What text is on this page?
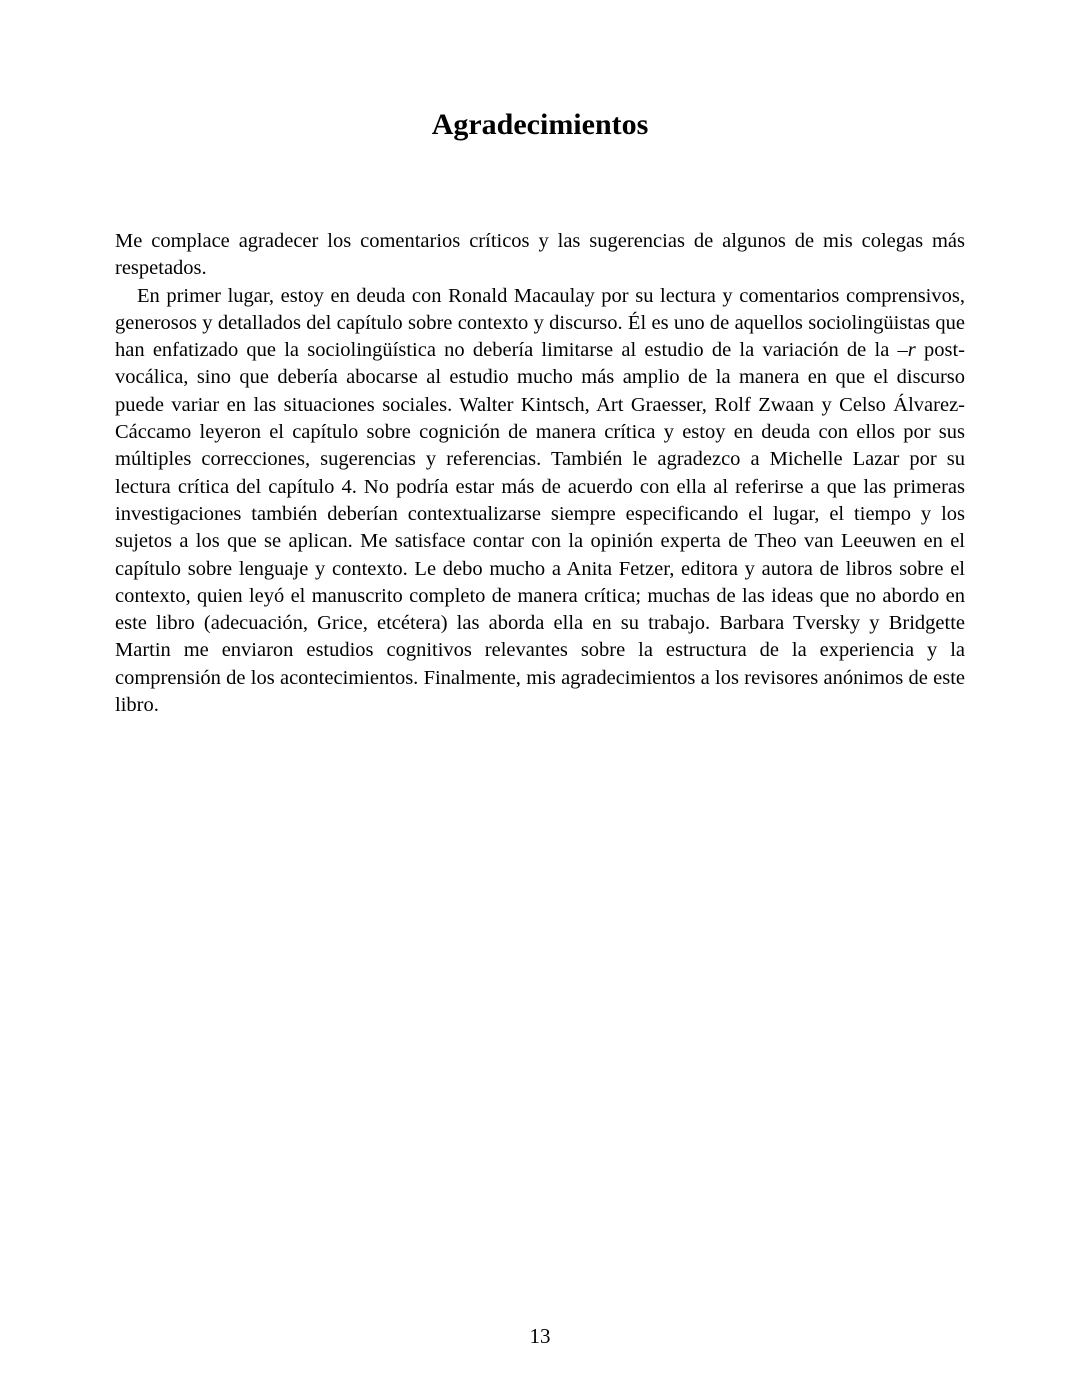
Agradecimientos

Me complace agradecer los comentarios críticos y las sugerencias de algunos de mis colegas más respetados.

En primer lugar, estoy en deuda con Ronald Macaulay por su lectura y comentarios comprensivos, generosos y detallados del capítulo sobre contexto y discurso. Él es uno de aquellos sociolingüistas que han enfatizado que la sociolingüística no debería limitarse al estudio de la variación de la –r post-vocálica, sino que debería abocarse al estudio mucho más amplio de la manera en que el discurso puede variar en las situaciones sociales. Walter Kintsch, Art Graesser, Rolf Zwaan y Celso Álvarez-Cáccamo leyeron el capítulo sobre cognición de manera crítica y estoy en deuda con ellos por sus múltiples correcciones, sugerencias y referencias. También le agradezco a Michelle Lazar por su lectura crítica del capítulo 4. No podría estar más de acuerdo con ella al referirse a que las primeras investigaciones también deberían contextualizarse siempre especificando el lugar, el tiempo y los sujetos a los que se aplican. Me satisface contar con la opinión experta de Theo van Leeuwen en el capítulo sobre lenguaje y contexto. Le debo mucho a Anita Fetzer, editora y autora de libros sobre el contexto, quien leyó el manuscrito completo de manera crítica; muchas de las ideas que no abordo en este libro (adecuación, Grice, etcétera) las aborda ella en su trabajo. Barbara Tversky y Bridgette Martin me enviaron estudios cognitivos relevantes sobre la estructura de la experiencia y la comprensión de los acontecimientos. Finalmente, mis agradecimientos a los revisores anónimos de este libro.

13
